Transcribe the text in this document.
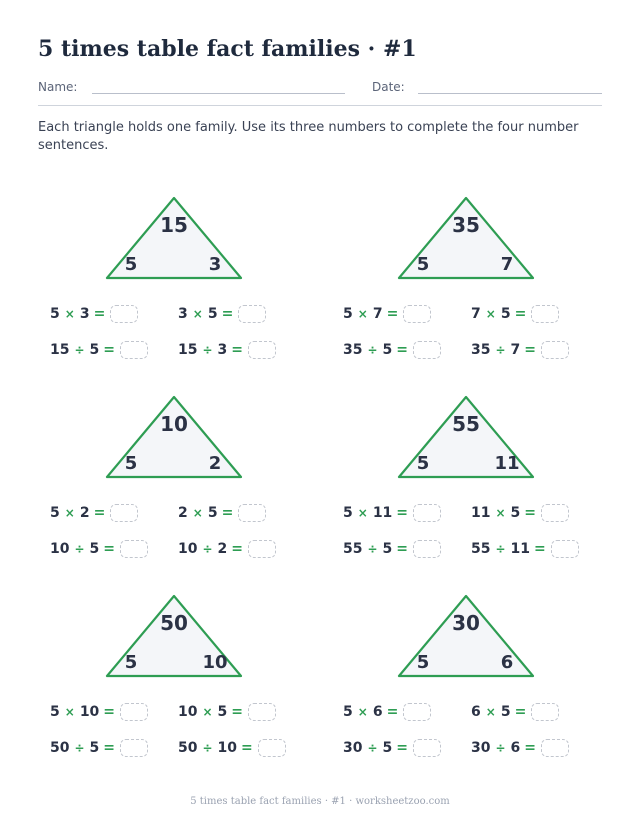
5 times table fact families · #1
Name:	Date:

Each triangle holds one family. Use its three numbers to complete the four number sentences.

15
5	3
5 × 3 =	3 × 5 =
15 ÷ 5 =	15 ÷ 3 =
35
5	7
5 × 7 =	7 × 5 =
35 ÷ 5 =	35 ÷ 7 =
10
5	2
5 × 2 =	2 × 5 =
10 ÷ 5 =	10 ÷ 2 =
55
5	11
5 × 11 =	11 × 5 =
55 ÷ 5 =	55 ÷ 11 =
50
5	10
5 × 10 =	10 × 5 =
50 ÷ 5 =	50 ÷ 10 =
30
5	6
5 × 6 =	6 × 5 =
30 ÷ 5 =	30 ÷ 6 =
5 times table fact families · #1 · worksheetzoo.com
